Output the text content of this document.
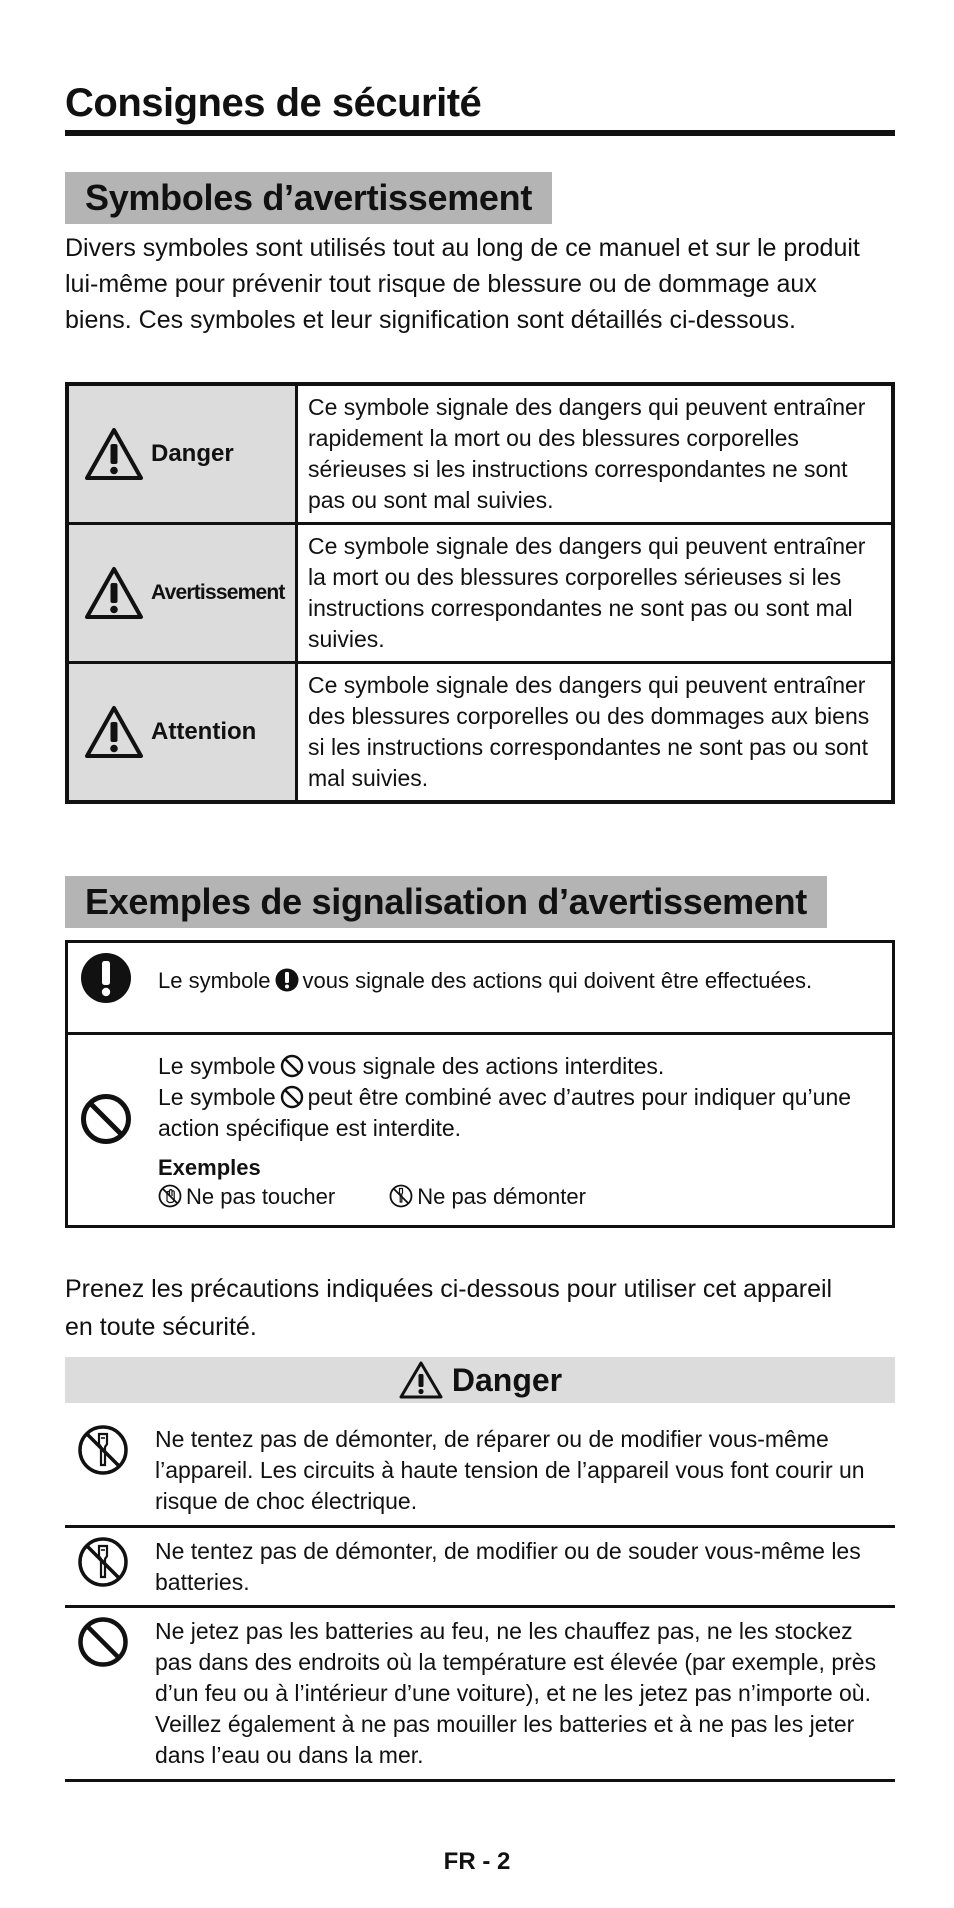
Consignes de sécurité
Symboles d’avertissement
Divers symboles sont utilisés tout au long de ce manuel et sur le produit lui-même pour prévenir tout risque de blessure ou de dommage aux biens. Ces symboles et leur signification sont détaillés ci-dessous.
Danger	Ce symbole signale des dangers qui peuvent entraîner rapidement la mort ou des blessures corporelles sérieuses si les instructions correspondantes ne sont pas ou sont mal suivies.

Avertissement	Ce symbole signale des dangers qui peuvent entraîner la mort ou des blessures corporelles sérieuses si les instructions correspondantes ne sont pas ou sont mal suivies.

Attention	Ce symbole signale des dangers qui peuvent entraîner des blessures corporelles ou des dommages aux biens si les instructions correspondantes ne sont pas ou sont mal suivies.
Exemples de signalisation d’avertissement
Le symbole vous signale des actions qui doivent être effectuées.
Le symbole vous signale des actions interdites.
Le symbole peut être combiné avec d’autres pour indiquer qu’une action spécifique est interdite.
Exemples
Ne pas toucher	Ne pas démonter
Prenez les précautions indiquées ci-dessous pour utiliser cet appareil en toute sécurité.
Danger
Ne tentez pas de démonter, de réparer ou de modifier vous-même l’appareil. Les circuits à haute tension de l’appareil vous font courir un risque de choc électrique.
Ne tentez pas de démonter, de modifier ou de souder vous-même les batteries.
Ne jetez pas les batteries au feu, ne les chauffez pas, ne les stockez pas dans des endroits où la température est élevée (par exemple, près d’un feu ou à l’intérieur d’une voiture), et ne les jetez pas n’importe où. Veillez également à ne pas mouiller les batteries et à ne pas les jeter dans l’eau ou dans la mer.
FR - 2
